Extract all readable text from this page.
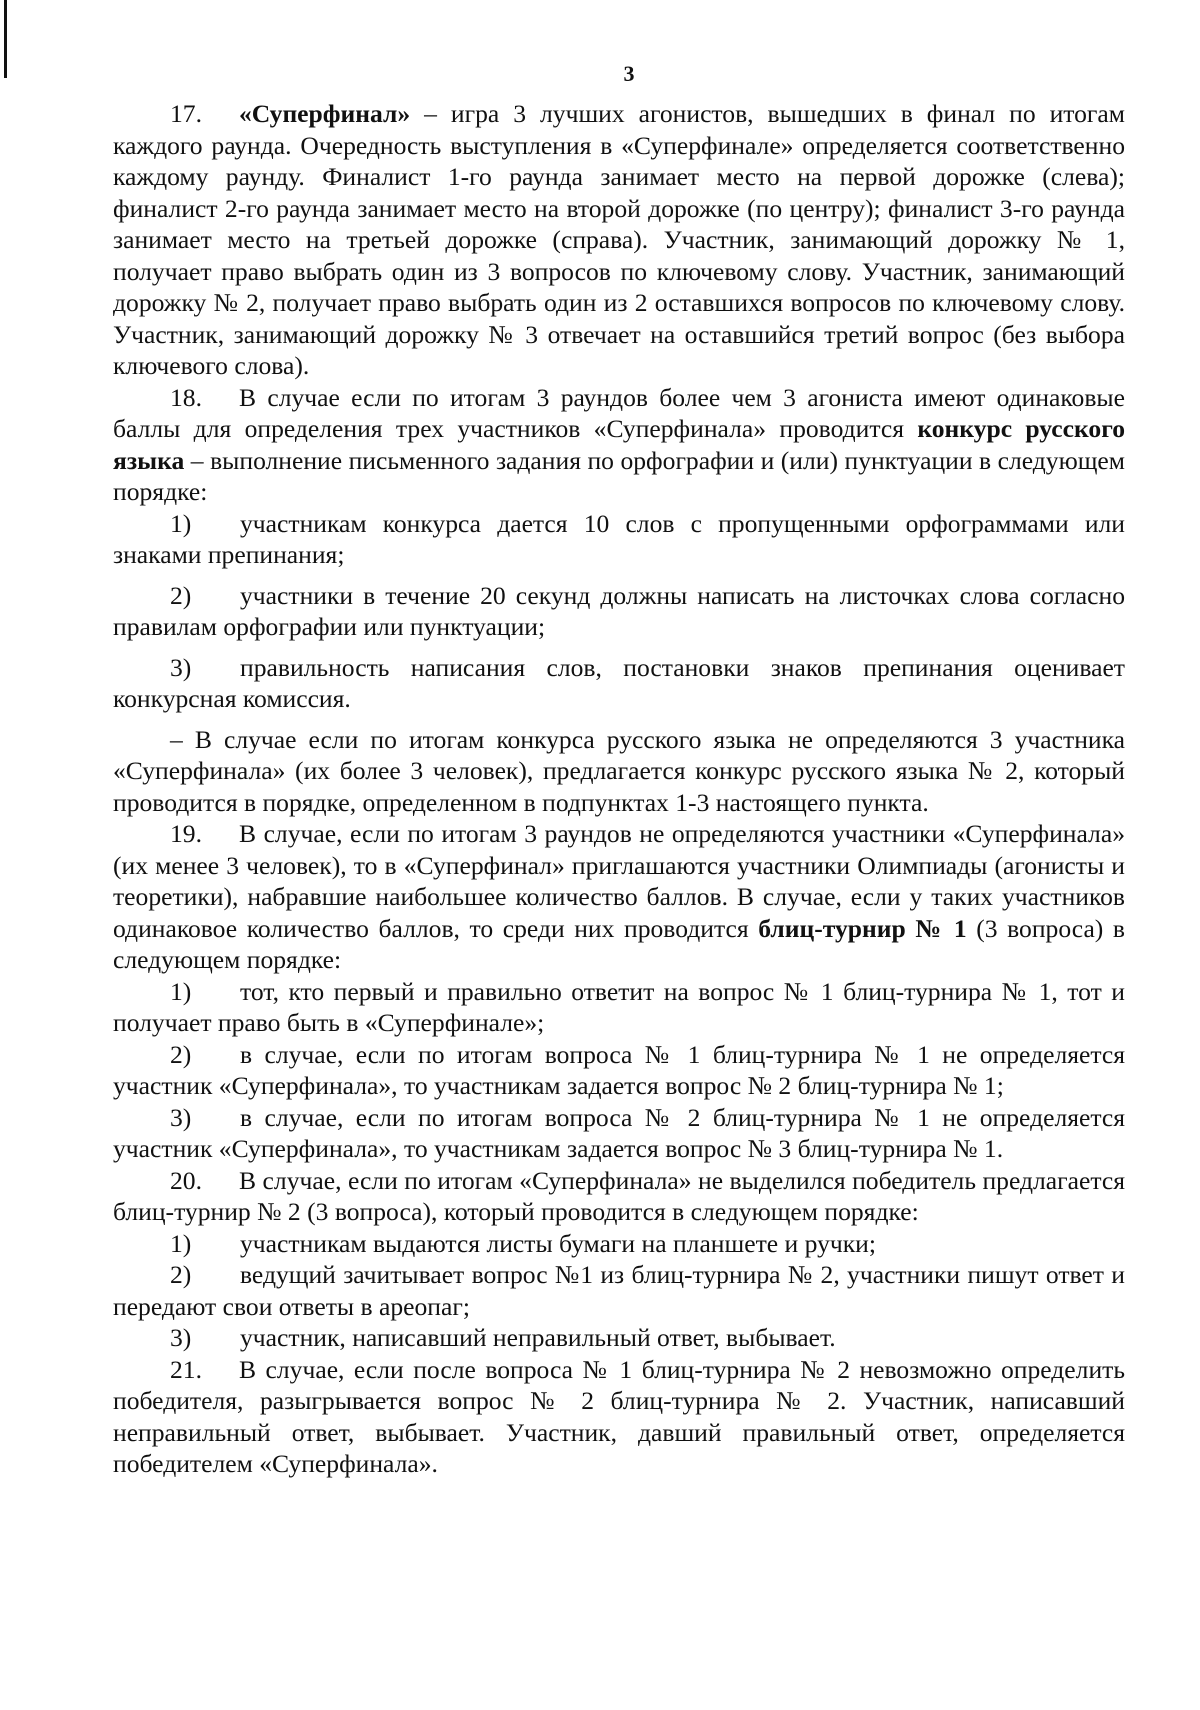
3

17. «Суперфинал» – игра 3 лучших агонистов, вышедших в финал по итогам каждого раунда. Очередность выступления в «Суперфинале» определяется соответственно каждому раунду. Финалист 1-го раунда занимает место на первой дорожке (слева); финалист 2-го раунда занимает место на второй дорожке (по центру); финалист 3-го раунда занимает место на третьей дорожке (справа). Участник, занимающий дорожку № 1, получает право выбрать один из 3 вопросов по ключевому слову. Участник, занимающий дорожку № 2, получает право выбрать один из 2 оставшихся вопросов по ключевому слову. Участник, занимающий дорожку № 3 отвечает на оставшийся третий вопрос (без выбора ключевого слова).

18. В случае если по итогам 3 раундов более чем 3 агониста имеют одинаковые баллы для определения трех участников «Суперфинала» проводится конкурс русского языка – выполнение письменного задания по орфографии и (или) пунктуации в следующем порядке:

1) участникам конкурса дается 10 слов с пропущенными орфограммами или знаками препинания;

2) участники в течение 20 секунд должны написать на листочках слова согласно правилам орфографии или пунктуации;

3) правильность написания слов, постановки знаков препинания оценивает конкурсная комиссия.

– В случае если по итогам конкурса русского языка не определяются 3 участника «Суперфинала» (их более 3 человек), предлагается конкурс русского языка № 2, который проводится в порядке, определенном в подпунктах 1-3 настоящего пункта.

19. В случае, если по итогам 3 раундов не определяются участники «Суперфинала» (их менее 3 человек), то в «Суперфинал» приглашаются участники Олимпиады (агонисты и теоретики), набравшие наибольшее количество баллов. В случае, если у таких участников одинаковое количество баллов, то среди них проводится блиц-турнир № 1 (3 вопроса) в следующем порядке:

1) тот, кто первый и правильно ответит на вопрос № 1 блиц-турнира № 1, тот и получает право быть в «Суперфинале»;

2) в случае, если по итогам вопроса № 1 блиц-турнира № 1 не определяется участник «Суперфинала», то участникам задается вопрос № 2 блиц-турнира № 1;

3) в случае, если по итогам вопроса № 2 блиц-турнира № 1 не определяется участник «Суперфинала», то участникам задается вопрос № 3 блиц-турнира № 1.

20. В случае, если по итогам «Суперфинала» не выделился победитель предлагается блиц-турнир № 2 (3 вопроса), который проводится в следующем порядке:

1) участникам выдаются листы бумаги на планшете и ручки;

2) ведущий зачитывает вопрос №1 из блиц-турнира № 2, участники пишут ответ и передают свои ответы в ареопаг;

3) участник, написавший неправильный ответ, выбывает.

21. В случае, если после вопроса № 1 блиц-турнира № 2 невозможно определить победителя, разыгрывается вопрос № 2 блиц-турнира № 2. Участник, написавший неправильный ответ, выбывает. Участник, давший правильный ответ, определяется победителем «Суперфинала».
